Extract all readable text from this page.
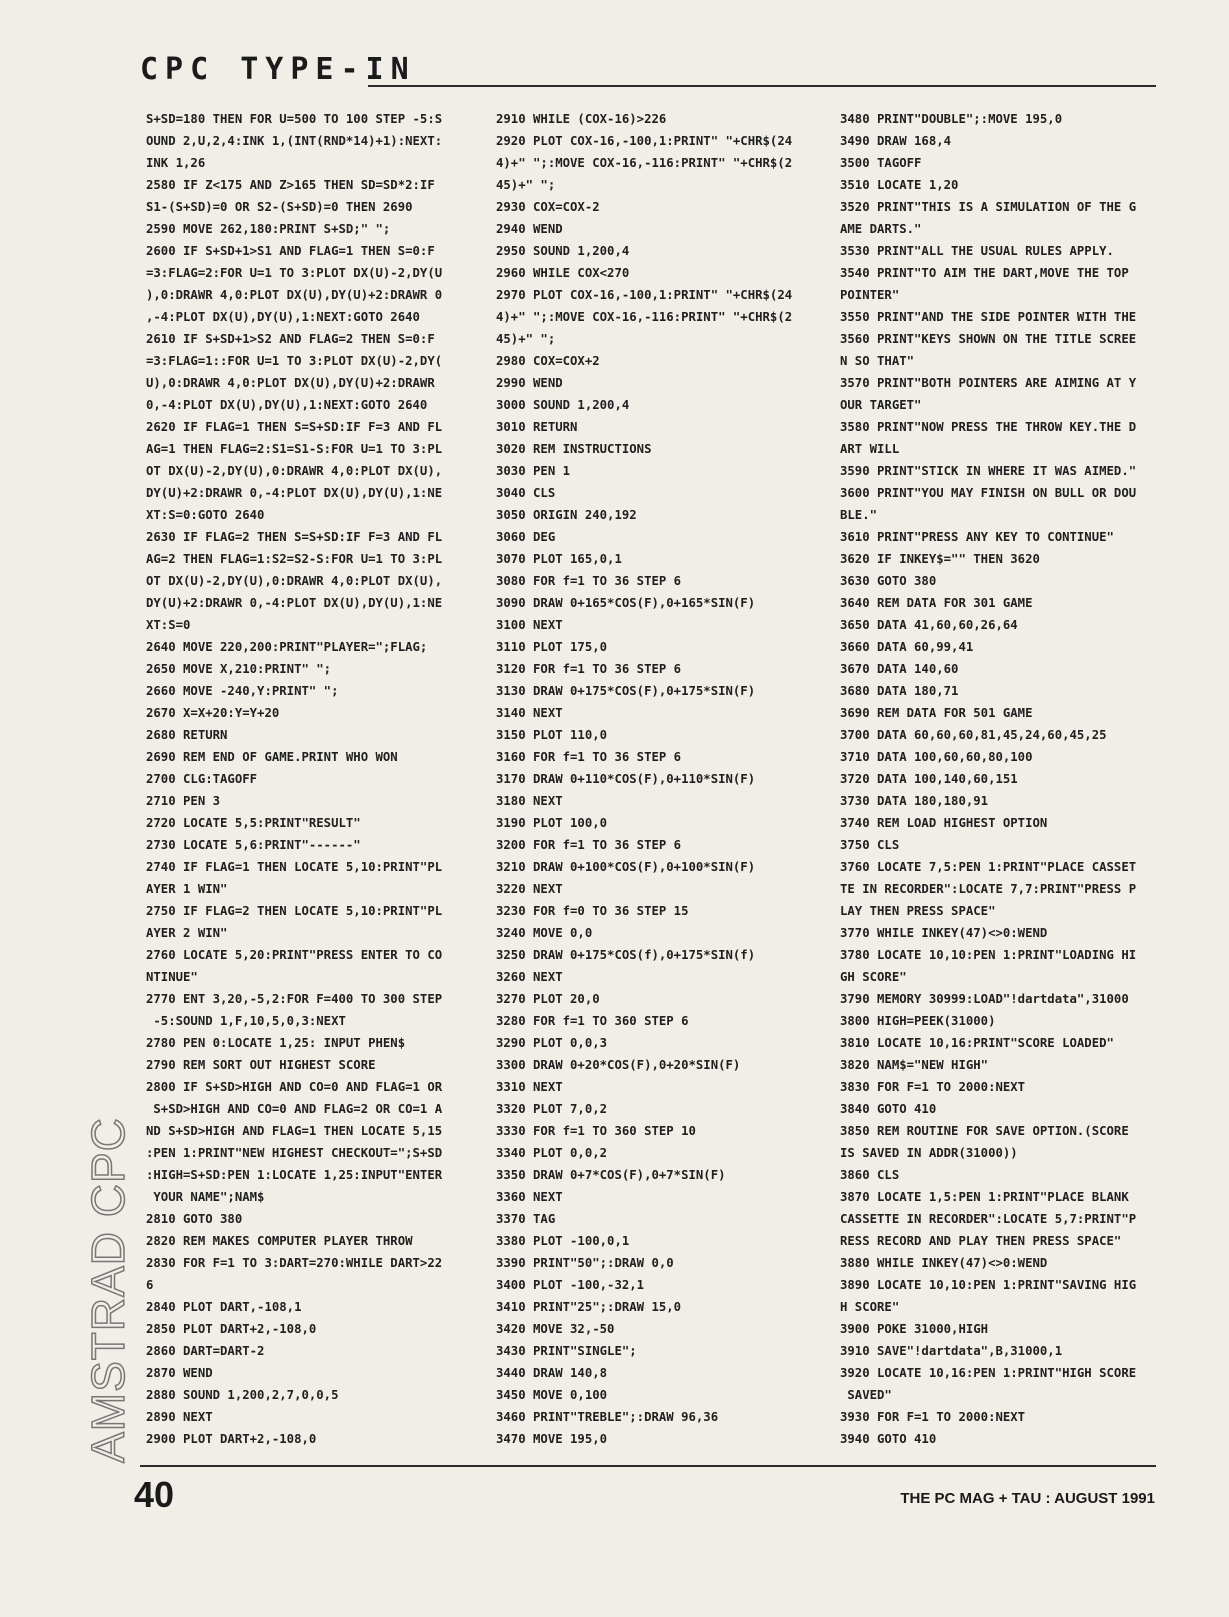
CPC TYPE-IN
S+SD=180 THEN FOR U=500 TO 100 STEP -5:S
OUND 2,U,2,4:INK 1,(INT(RND*14)+1):NEXT:
INK 1,26
2580 IF Z<175 AND Z>165 THEN SD=SD*2:IF
S1-(S+SD)=0 OR S2-(S+SD)=0 THEN 2690
2590 MOVE 262,180:PRINT S+SD;" ";
2600 IF S+SD+1>S1 AND FLAG=1 THEN S=0:F
=3:FLAG=2:FOR U=1 TO 3:PLOT DX(U)-2,DY(U
),0:DRAWR 4,0:PLOT DX(U),DY(U)+2:DRAWR 0
,-4:PLOT DX(U),DY(U),1:NEXT:GOTO 2640
2610 IF S+SD+1>S2 AND FLAG=2 THEN S=0:F
=3:FLAG=1::FOR U=1 TO 3:PLOT DX(U)-2,DY(
U),0:DRAWR 4,0:PLOT DX(U),DY(U)+2:DRAWR
0,-4:PLOT DX(U),DY(U),1:NEXT:GOTO 2640
2620 IF FLAG=1 THEN S=S+SD:IF F=3 AND FL
AG=1 THEN FLAG=2:S1=S1-S:FOR U=1 TO 3:PL
OT DX(U)-2,DY(U),0:DRAWR 4,0:PLOT DX(U),
DY(U)+2:DRAWR 0,-4:PLOT DX(U),DY(U),1:NE
XT:S=0:GOTO 2640
2630 IF FLAG=2 THEN S=S+SD:IF F=3 AND FL
AG=2 THEN FLAG=1:S2=S2-S:FOR U=1 TO 3:PL
OT DX(U)-2,DY(U),0:DRAWR 4,0:PLOT DX(U),
DY(U)+2:DRAWR 0,-4:PLOT DX(U),DY(U),1:NE
XT:S=0
2640 MOVE 220,200:PRINT"PLAYER=";FLAG;
2650 MOVE X,210:PRINT" ";
2660 MOVE -240,Y:PRINT" ";
2670 X=X+20:Y=Y+20
2680 RETURN
2690 REM END OF GAME.PRINT WHO WON
2700 CLG:TAGOFF
2710 PEN 3
2720 LOCATE 5,5:PRINT"RESULT"
2730 LOCATE 5,6:PRINT"------"
2740 IF FLAG=1 THEN LOCATE 5,10:PRINT"PL
AYER 1 WIN"
2750 IF FLAG=2 THEN LOCATE 5,10:PRINT"PL
AYER 2 WIN"
2760 LOCATE 5,20:PRINT"PRESS ENTER TO CO
NTINUE"
2770 ENT 3,20,-5,2:FOR F=400 TO 300 STEP
-5:SOUND 1,F,10,5,0,3:NEXT
2780 PEN 0:LOCATE 1,25: INPUT PHEN$
2790 REM SORT OUT HIGHEST SCORE
2800 IF S+SD>HIGH AND CO=0 AND FLAG=1 OR
S+SD>HIGH AND CO=0 AND FLAG=2 OR CO=1 A
ND S+SD>HIGH AND FLAG=1 THEN LOCATE 5,15
:PEN 1:PRINT"NEW HIGHEST CHECKOUT=";S+SD
:HIGH=S+SD:PEN 1:LOCATE 1,25:INPUT"ENTER
YOUR NAME";NAM$
2810 GOTO 380
2820 REM MAKES COMPUTER PLAYER THROW
2830 FOR F=1 TO 3:DART=270:WHILE DART>22
6
2840 PLOT DART,-108,1
2850 PLOT DART+2,-108,0
2860 DART=DART-2
2870 WEND
2880 SOUND 1,200,2,7,0,0,5
2890 NEXT
2900 PLOT DART+2,-108,0
2910 WHILE (COX-16)>226
2920 PLOT COX-16,-100,1:PRINT" "+CHR$(24
4)+" ";:MOVE COX-16,-116:PRINT" "+CHR$(2
45)+" ";
2930 COX=COX-2
2940 WEND
2950 SOUND 1,200,4
2960 WHILE COX<270
2970 PLOT COX-16,-100,1:PRINT" "+CHR$(24
4)+" ";:MOVE COX-16,-116:PRINT" "+CHR$(2
45)+" ";
2980 COX=COX+2
2990 WEND
3000 SOUND 1,200,4
3010 RETURN
3020 REM INSTRUCTIONS
3030 PEN 1
3040 CLS
3050 ORIGIN 240,192
3060 DEG
3070 PLOT 165,0,1
3080 FOR f=1 TO 36 STEP 6
3090 DRAW 0+165*COS(F),0+165*SIN(F)
3100 NEXT
3110 PLOT 175,0
3120 FOR f=1 TO 36 STEP 6
3130 DRAW 0+175*COS(F),0+175*SIN(F)
3140 NEXT
3150 PLOT 110,0
3160 FOR f=1 TO 36 STEP 6
3170 DRAW 0+110*COS(F),0+110*SIN(F)
3180 NEXT
3190 PLOT 100,0
3200 FOR f=1 TO 36 STEP 6
3210 DRAW 0+100*COS(F),0+100*SIN(F)
3220 NEXT
3230 FOR f=0 TO 36 STEP 15
3240 MOVE 0,0
3250 DRAW 0+175*COS(f),0+175*SIN(f)
3260 NEXT
3270 PLOT 20,0
3280 FOR f=1 TO 360 STEP 6
3290 PLOT 0,0,3
3300 DRAW 0+20*COS(F),0+20*SIN(F)
3310 NEXT
3320 PLOT 7,0,2
3330 FOR f=1 TO 360 STEP 10
3340 PLOT 0,0,2
3350 DRAW 0+7*COS(F),0+7*SIN(F)
3360 NEXT
3370 TAG
3380 PLOT -100,0,1
3390 PRINT"50";:DRAW 0,0
3400 PLOT -100,-32,1
3410 PRINT"25";:DRAW 15,0
3420 MOVE 32,-50
3430 PRINT"SINGLE";
3440 DRAW 140,8
3450 MOVE 0,100
3460 PRINT"TREBLE";:DRAW 96,36
3470 MOVE 195,0
3480 PRINT"DOUBLE";:MOVE 195,0
3490 DRAW 168,4
3500 TAGOFF
3510 LOCATE 1,20
3520 PRINT"THIS IS A SIMULATION OF THE G
AME DARTS."
3530 PRINT"ALL THE USUAL RULES APPLY.
3540 PRINT"TO AIM THE DART,MOVE THE TOP
POINTER"
3550 PRINT"AND THE SIDE POINTER WITH THE
3560 PRINT"KEYS SHOWN ON THE TITLE SCREE
N SO THAT"
3570 PRINT"BOTH POINTERS ARE AIMING AT Y
OUR TARGET"
3580 PRINT"NOW PRESS THE THROW KEY.THE D
ART WILL
3590 PRINT"STICK IN WHERE IT WAS AIMED."
3600 PRINT"YOU MAY FINISH ON BULL OR DOU
BLE."
3610 PRINT"PRESS ANY KEY TO CONTINUE"
3620 IF INKEY$="" THEN 3620
3630 GOTO 380
3640 REM DATA FOR 301 GAME
3650 DATA 41,60,60,26,64
3660 DATA 60,99,41
3670 DATA 140,60
3680 DATA 180,71
3690 REM DATA FOR 501 GAME
3700 DATA 60,60,60,81,45,24,60,45,25
3710 DATA 100,60,60,80,100
3720 DATA 100,140,60,151
3730 DATA 180,180,91
3740 REM LOAD HIGHEST OPTION
3750 CLS
3760 LOCATE 7,5:PEN 1:PRINT"PLACE CASSET
TE IN RECORDER":LOCATE 7,7:PRINT"PRESS P
LAY THEN PRESS SPACE"
3770 WHILE INKEY(47)<>0:WEND
3780 LOCATE 10,10:PEN 1:PRINT"LOADING HI
GH SCORE"
3790 MEMORY 30999:LOAD"!dartdata",31000
3800 HIGH=PEEK(31000)
3810 LOCATE 10,16:PRINT"SCORE LOADED"
3820 NAM$="NEW HIGH"
3830 FOR F=1 TO 2000:NEXT
3840 GOTO 410
3850 REM ROUTINE FOR SAVE OPTION.(SCORE
IS SAVED IN ADDR(31000))
3860 CLS
3870 LOCATE 1,5:PEN 1:PRINT"PLACE BLANK
CASSETTE IN RECORDER":LOCATE 5,7:PRINT"P
RESS RECORD AND PLAY THEN PRESS SPACE"
3880 WHILE INKEY(47)<>0:WEND
3890 LOCATE 10,10:PEN 1:PRINT"SAVING HIG
H SCORE"
3900 POKE 31000,HIGH
3910 SAVE"!dartdata",B,31000,1
3920 LOCATE 10,16:PEN 1:PRINT"HIGH SCORE
SAVED"
3930 FOR F=1 TO 2000:NEXT
3940 GOTO 410
AMSTRAD CPC
40	THE PC MAG + TAU : AUGUST 1991
